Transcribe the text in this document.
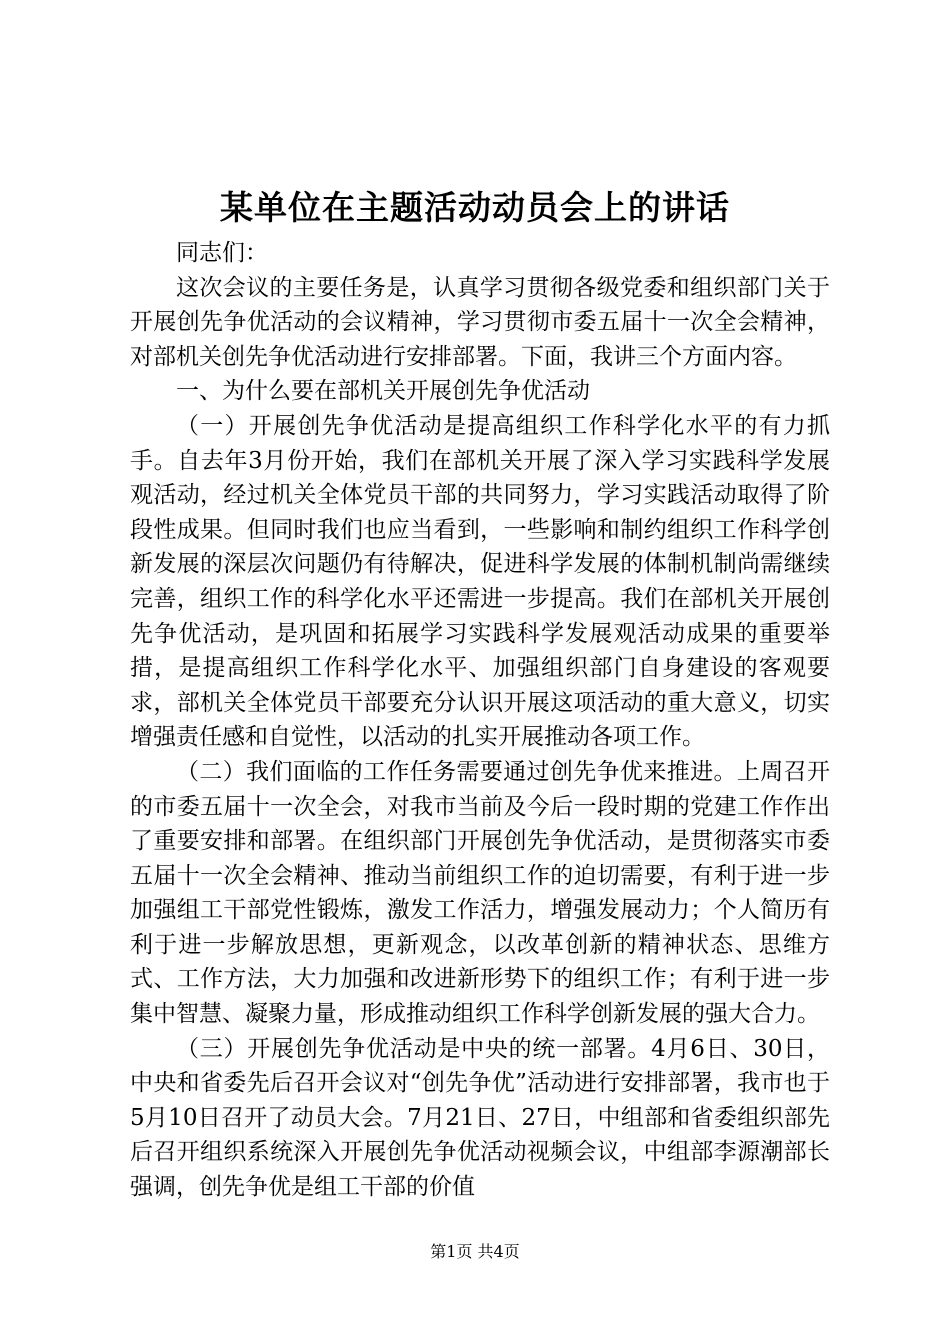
某单位在主题活动动员会上的讲话

同志们：

这次会议的主要任务是，认真学习贯彻各级党委和组织部门关于开展创先争优活动的会议精神，学习贯彻市委五届十一次全会精神，对部机关创先争优活动进行安排部署。下面，我讲三个方面内容。

一、为什么要在部机关开展创先争优活动

（一）开展创先争优活动是提高组织工作科学化水平的有力抓手。自去年3月份开始，我们在部机关开展了深入学习实践科学发展观活动，经过机关全体党员干部的共同努力，学习实践活动取得了阶段性成果。但同时我们也应当看到，一些影响和制约组织工作科学创新发展的深层次问题仍有待解决，促进科学发展的体制机制尚需继续完善，组织工作的科学化水平还需进一步提高。我们在部机关开展创先争优活动，是巩固和拓展学习实践科学发展观活动成果的重要举措，是提高组织工作科学化水平、加强组织部门自身建设的客观要求，部机关全体党员干部要充分认识开展这项活动的重大意义，切实增强责任感和自觉性，以活动的扎实开展推动各项工作。

（二）我们面临的工作任务需要通过创先争优来推进。上周召开的市委五届十一次全会，对我市当前及今后一段时期的党建工作作出了重要安排和部署。在组织部门开展创先争优活动，是贯彻落实市委五届十一次全会精神、推动当前组织工作的迫切需要，有利于进一步加强组工干部党性锻炼，激发工作活力，增强发展动力；个人简历有利于进一步解放思想，更新观念，以改革创新的精神状态、思维方式、工作方法，大力加强和改进新形势下的组织工作；有利于进一步集中智慧、凝聚力量，形成推动组织工作科学创新发展的强大合力。

（三）开展创先争优活动是中央的统一部署。4月6日、30日，中央和省委先后召开会议对“创先争优”活动进行安排部署，我市也于5月10日召开了动员大会。7月21日、27日，中组部和省委组织部先后召开组织系统深入开展创先争优活动视频会议，中组部李源潮部长强调，创先争优是组工干部的价值

第1页 共4页
